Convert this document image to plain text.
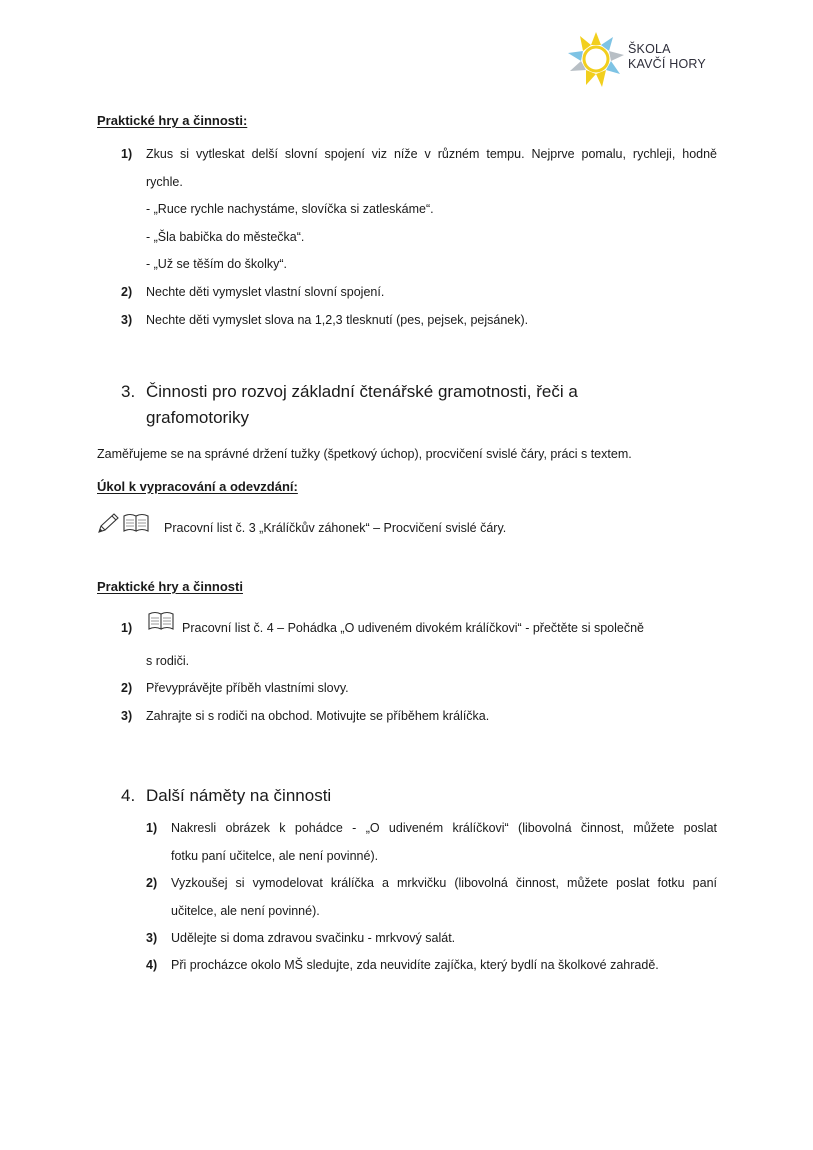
ŠKOLA
KAVČÍ HORY
Praktické hry a činnosti:
1) Zkus si vytleskat delší slovní spojení viz níže v různém tempu. Nejprve pomalu, rychleji, hodně
rychle.
- „Ruce rychle nachystáme, slovíčka si zatleskáme“.
- „Šla babička do městečka“.
- „Už se těším do školky“.
2) Nechte děti vymyslet vlastní slovní spojení.
3) Nechte děti vymyslet slova na 1,2,3 tlesknutí (pes, pejsek, pejsánek).
3. Činnosti pro rozvoj základní čtenářské gramotnosti, řeči a
grafomotoriky
Zaměřujeme se na správné držení tužky (špetkový úchop), procvičení svislé čáry, práci s textem.
Úkol k vypracování a odevzdání:
Pracovní list č. 3 „Králíčkův záhonek“ – Procvičení svislé čáry.
Praktické hry a činnosti
1)	Pracovní list č. 4 – Pohádka „O udiveném divokém králíčkovi“ - přečtěte si společně
s rodiči.
2) Převyprávějte příběh vlastními slovy.
3) Zahrajte si s rodiči na obchod. Motivujte se příběhem králíčka.
4. Další náměty na činnosti
1) Nakresli obrázek k pohádce - „O udiveném králíčkovi“ (libovolná činnost, můžete poslat
fotku paní učitelce, ale není povinné).
2) Vyzkoušej si vymodelovat králíčka a mrkvičku (libovolná činnost, můžete poslat fotku paní
učitelce, ale není povinné).
3) Udělejte si doma zdravou svačinku - mrkvový salát.
4) Při procházce okolo MŠ sledujte, zda neuvidíte zajíčka, který bydlí na školkové zahradě.
